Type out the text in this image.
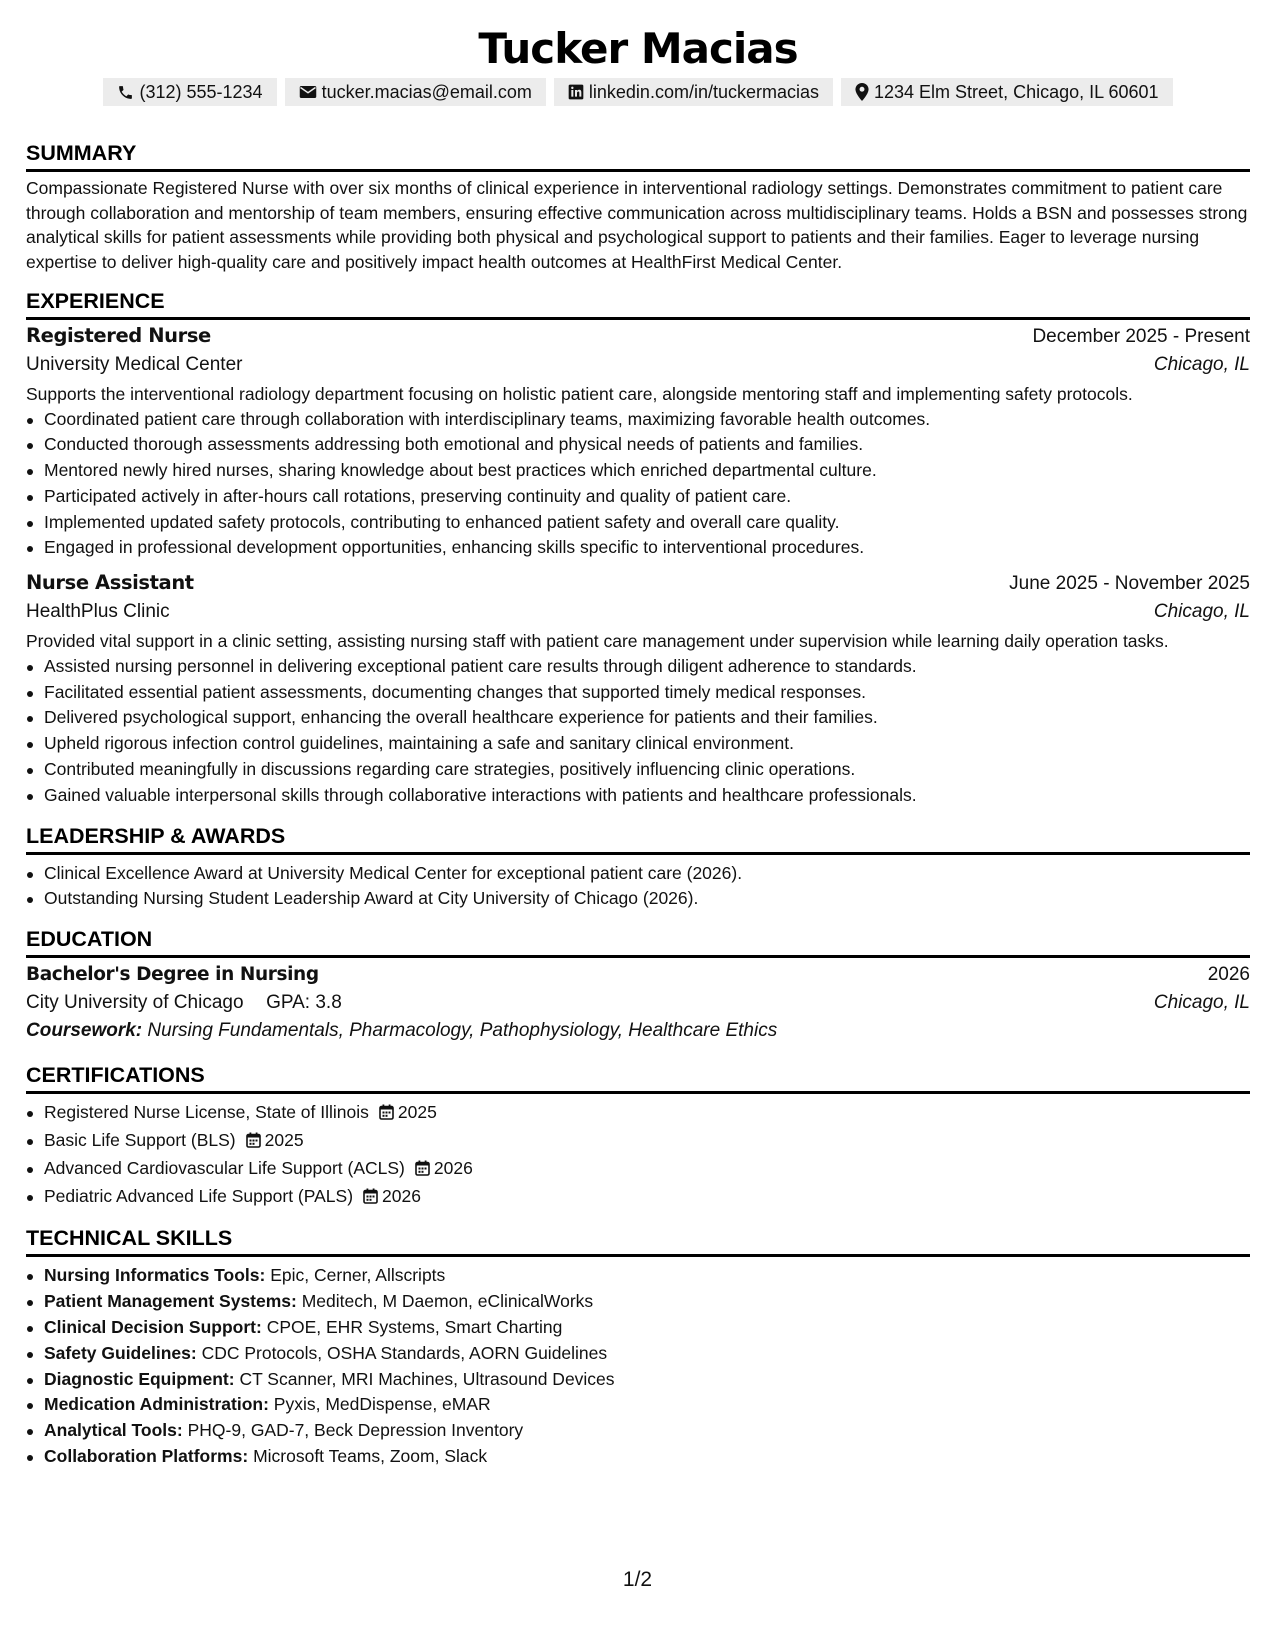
Tucker Macias
(312) 555-1234	tucker.macias@email.com	linkedin.com/in/tuckermacias	1234 Elm Street, Chicago, IL 60601
SUMMARY

Compassionate Registered Nurse with over six months of clinical experience in interventional radiology settings. Demonstrates commitment to patient care through collaboration and mentorship of team members, ensuring effective communication across multidisciplinary teams. Holds a BSN and possesses strong analytical skills for patient assessments while providing both physical and psychological support to patients and their families. Eager to leverage nursing expertise to deliver high-quality care and positively impact health outcomes at HealthFirst Medical Center.

EXPERIENCE
Registered Nurse	December 2025 - Present
University Medical Center	Chicago, IL

Supports the interventional radiology department focusing on holistic patient care, alongside mentoring staff and implementing safety protocols.

Coordinated patient care through collaboration with interdisciplinary teams, maximizing favorable health outcomes.
Conducted thorough assessments addressing both emotional and physical needs of patients and families.
Mentored newly hired nurses, sharing knowledge about best practices which enriched departmental culture.
Participated actively in after-hours call rotations, preserving continuity and quality of patient care.
Implemented updated safety protocols, contributing to enhanced patient safety and overall care quality.
Engaged in professional development opportunities, enhancing skills specific to interventional procedures.
Nurse Assistant	June 2025 - November 2025
HealthPlus Clinic	Chicago, IL

Provided vital support in a clinic setting, assisting nursing staff with patient care management under supervision while learning daily operation tasks.

Assisted nursing personnel in delivering exceptional patient care results through diligent adherence to standards.
Facilitated essential patient assessments, documenting changes that supported timely medical responses.
Delivered psychological support, enhancing the overall healthcare experience for patients and their families.
Upheld rigorous infection control guidelines, maintaining a safe and sanitary clinical environment.
Contributed meaningfully in discussions regarding care strategies, positively influencing clinic operations.
Gained valuable interpersonal skills through collaborative interactions with patients and healthcare professionals.
LEADERSHIP & AWARDS
Clinical Excellence Award at University Medical Center for exceptional patient care (2026).
Outstanding Nursing Student Leadership Award at City University of Chicago (2026).
EDUCATION
Bachelor's Degree in Nursing	2026
City University of Chicago GPA: 3.8	Chicago, IL
Coursework: Nursing Fundamentals, Pharmacology, Pathophysiology, Healthcare Ethics
CERTIFICATIONS
Registered Nurse License, State of Illinois 2025
Basic Life Support (BLS) 2025
Advanced Cardiovascular Life Support (ACLS) 2026
Pediatric Advanced Life Support (PALS) 2026
TECHNICAL SKILLS
Nursing Informatics Tools: Epic, Cerner, Allscripts
Patient Management Systems: Meditech, M Daemon, eClinicalWorks
Clinical Decision Support: CPOE, EHR Systems, Smart Charting
Safety Guidelines: CDC Protocols, OSHA Standards, AORN Guidelines
Diagnostic Equipment: CT Scanner, MRI Machines, Ultrasound Devices
Medication Administration: Pyxis, MedDispense, eMAR
Analytical Tools: PHQ-9, GAD-7, Beck Depression Inventory
Collaboration Platforms: Microsoft Teams, Zoom, Slack
1/2
